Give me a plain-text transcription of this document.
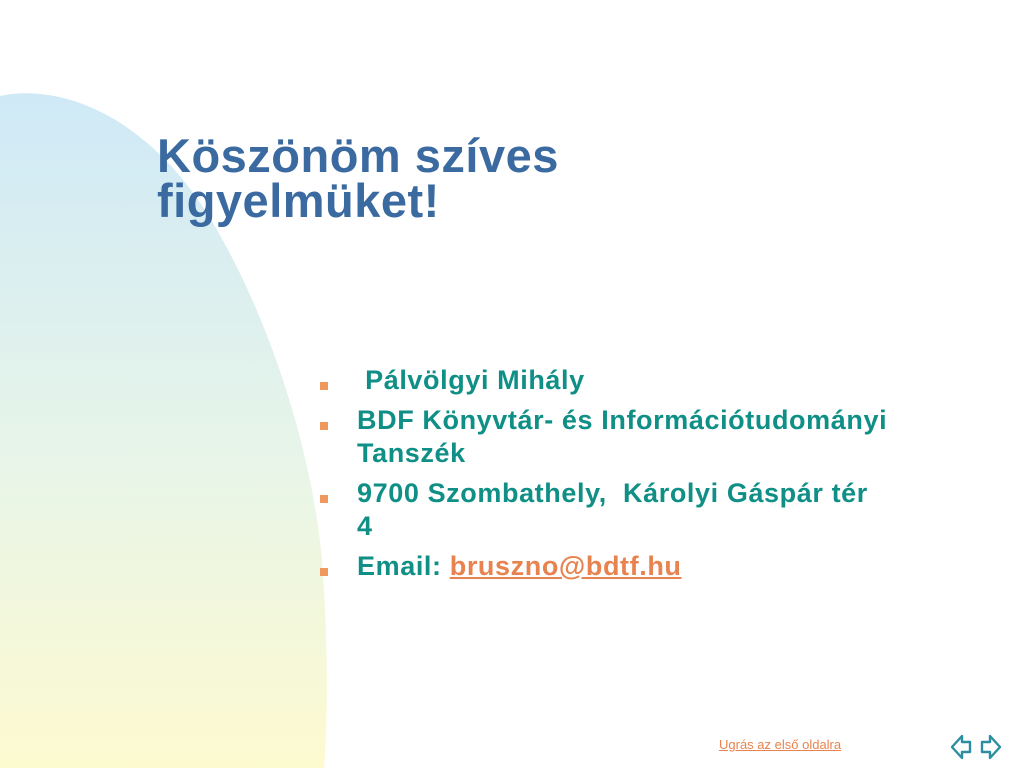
Köszönöm szíves figyelmüket!
Pálvölgyi Mihály
BDF Könyvtár- és Információtudományi Tanszék
9700 Szombathely,  Károlyi Gáspár tér 4
Email: bruszno@bdtf.hu
Ugrás az első oldalra
